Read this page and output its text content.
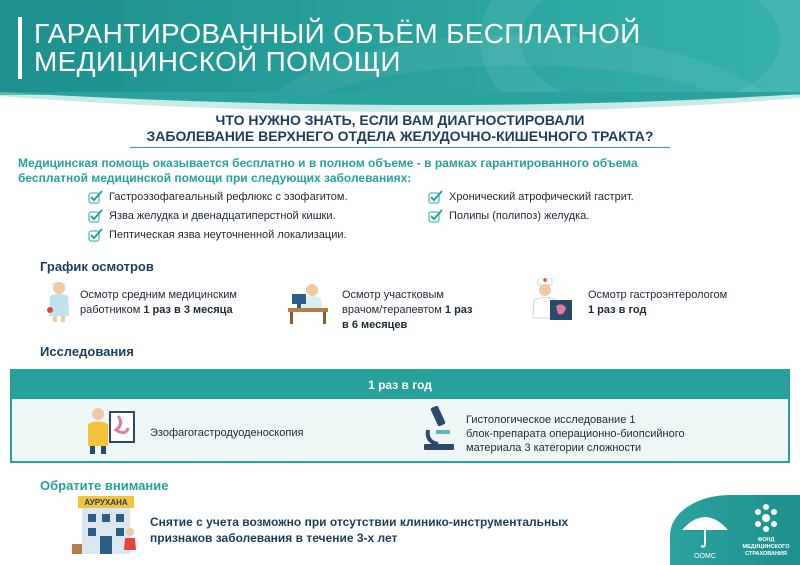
ГАРАНТИРОВАННЫЙ ОБЪЁМ БЕСПЛАТНОЙ
МЕДИЦИНСКОЙ ПОМОЩИ
ЧТО НУЖНО ЗНАТЬ, ЕСЛИ ВАМ ДИАГНОСТИРОВАЛИ
ЗАБОЛЕВАНИЕ ВЕРХНЕГО ОТДЕЛА ЖЕЛУДОЧНО-КИШЕЧНОГО ТРАКТА?
Медицинская помощь оказывается бесплатно и в полном объеме - в рамках гарантированного объема
бесплатной медицинской помощи при следующих заболеваниях:
Гастроэзофагеальный рефлюкс с эзофагитом.
Язва желудка и двенадцатиперстной кишки.
Пептическая язва неуточненной локализации.
Хронический атрофический гастрит.
Полипы (полипоз) желудка.
График осмотров
Осмотр средним медицинским
работником 1 раз в 3 месяца
Осмотр участковым
врачом/терапевтом 1 раз
в 6 месяцев
Осмотр гастроэнтерологом
1 раз в год
Исследования
1 раз в год
Эзофагогастродуоденоскопия
Гистологическое исследование 1
блок-препарата операционно-биопсийного
материала 3 категории сложности
Обратите внимание
АУРУХАНА
Снятие с учета возможно при отсутствии клинико-инструментальных
признаков заболевания в течение 3-х лет
ООМС
ФОНД
МЕДИЦИНСКОГО
СТРАХОВАНИЯ
